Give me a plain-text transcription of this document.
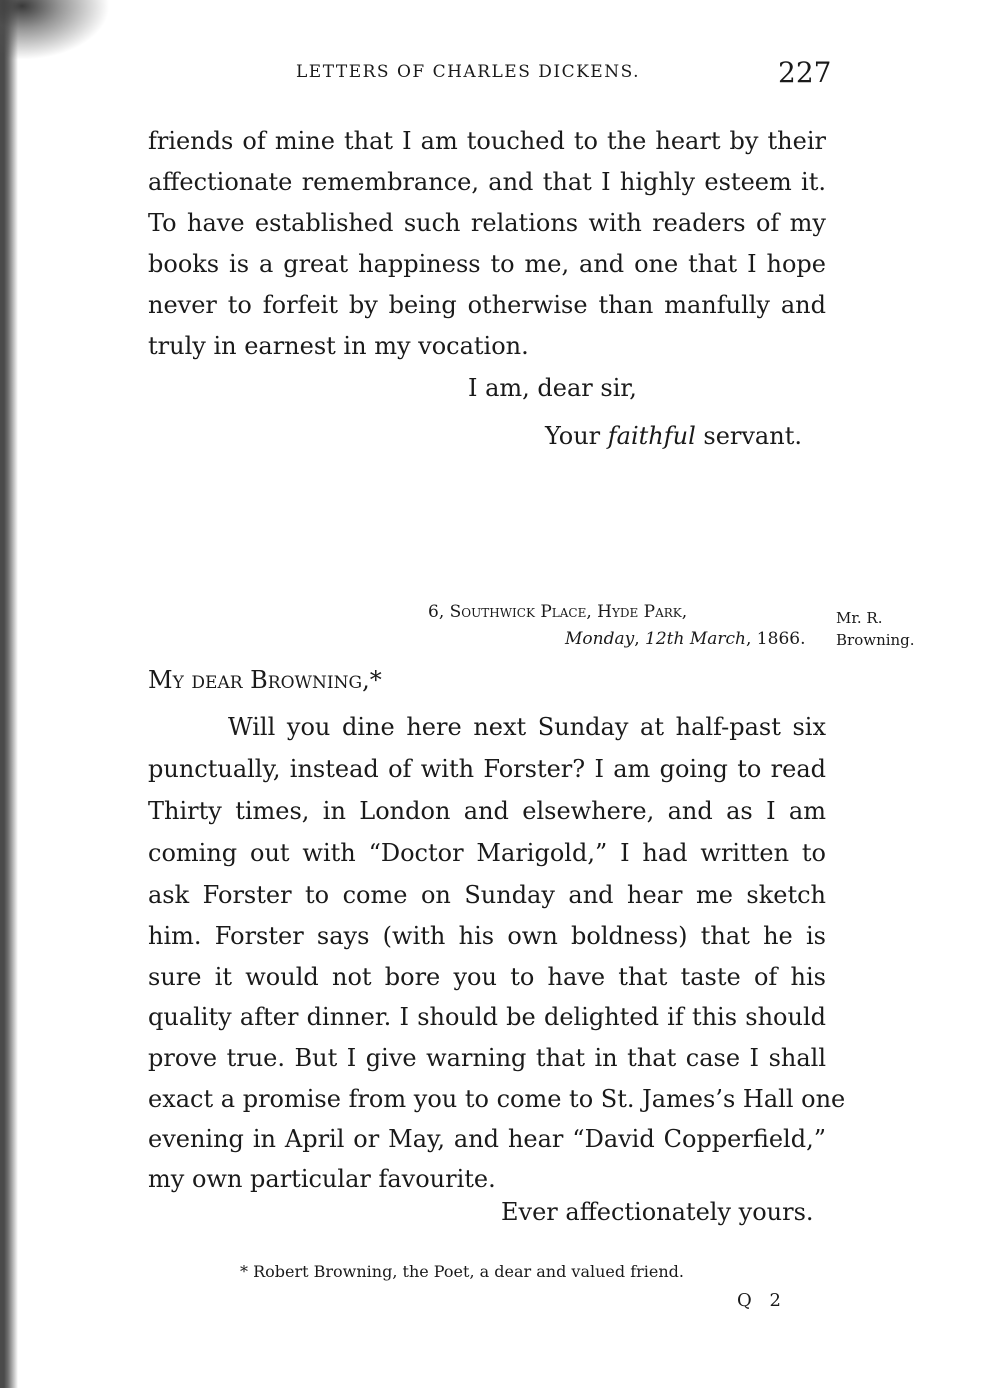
LETTERS OF CHARLES DICKENS.	227
friends of mine that I am touched to the heart by their
affectionate remembrance, and that I highly esteem it.
To have established such relations with readers of my
books is a great happiness to me, and one that I hope
never to forfeit by being otherwise than manfully and
truly in earnest in my vocation.
I am, dear sir,
Your faithful servant.
6, Southwick Place, Hyde Park,
Monday, 12th March, 1866.
Mr. R.
Browning.
My dear Browning,*
Will you dine here next Sunday at half-past six
punctually, instead of with Forster? I am going to read
Thirty times, in London and elsewhere, and as I am
coming out with “Doctor Marigold,” I had written to
ask Forster to come on Sunday and hear me sketch
him. Forster says (with his own boldness) that he is
sure it would not bore you to have that taste of his
quality after dinner. I should be delighted if this should
prove true. But I give warning that in that case I shall
exact a promise from you to come to St. James’s Hall one
evening in April or May, and hear “David Copperfield,”
my own particular favourite.
Ever affectionately yours.
* Robert Browning, the Poet, a dear and valued friend.
Q 2
